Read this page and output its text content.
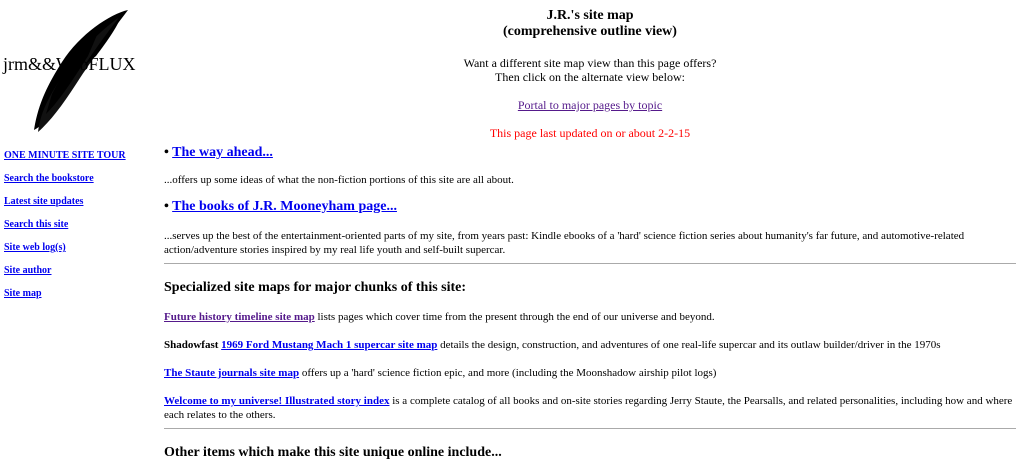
jrm&&WebFLUX
ONE MINUTE SITE TOUR
Search the bookstore
Latest site updates
Search this site
Site web log(s)
Site author
Site map
J.R.'s site map
(comprehensive outline view)
Want a different site map view than this page offers?
Then click on the alternate view below:
Portal to major pages by topic
This page last updated on or about 2-2-15
• The way ahead...
...offers up some ideas of what the non-fiction portions of this site are all about.
• The books of J.R. Mooneyham page...
...serves up the best of the entertainment-oriented parts of my site, from years past: Kindle ebooks of a 'hard' science fiction series about humanity's far future, and automotive-related action/adventure stories inspired by my real life youth and self-built supercar.
Specialized site maps for major chunks of this site:
Future history timeline site map lists pages which cover time from the present through the end of our universe and beyond.
Shadowfast 1969 Ford Mustang Mach 1 supercar site map details the design, construction, and adventures of one real-life supercar and its outlaw builder/driver in the 1970s
The Staute journals site map offers up a 'hard' science fiction epic, and more (including the Moonshadow airship pilot logs)
Welcome to my universe! Illustrated story index is a complete catalog of all books and on-site stories regarding Jerry Staute, the Pearsalls, and related personalities, including how and where each relates to the others.
Other items which make this site unique online include...
